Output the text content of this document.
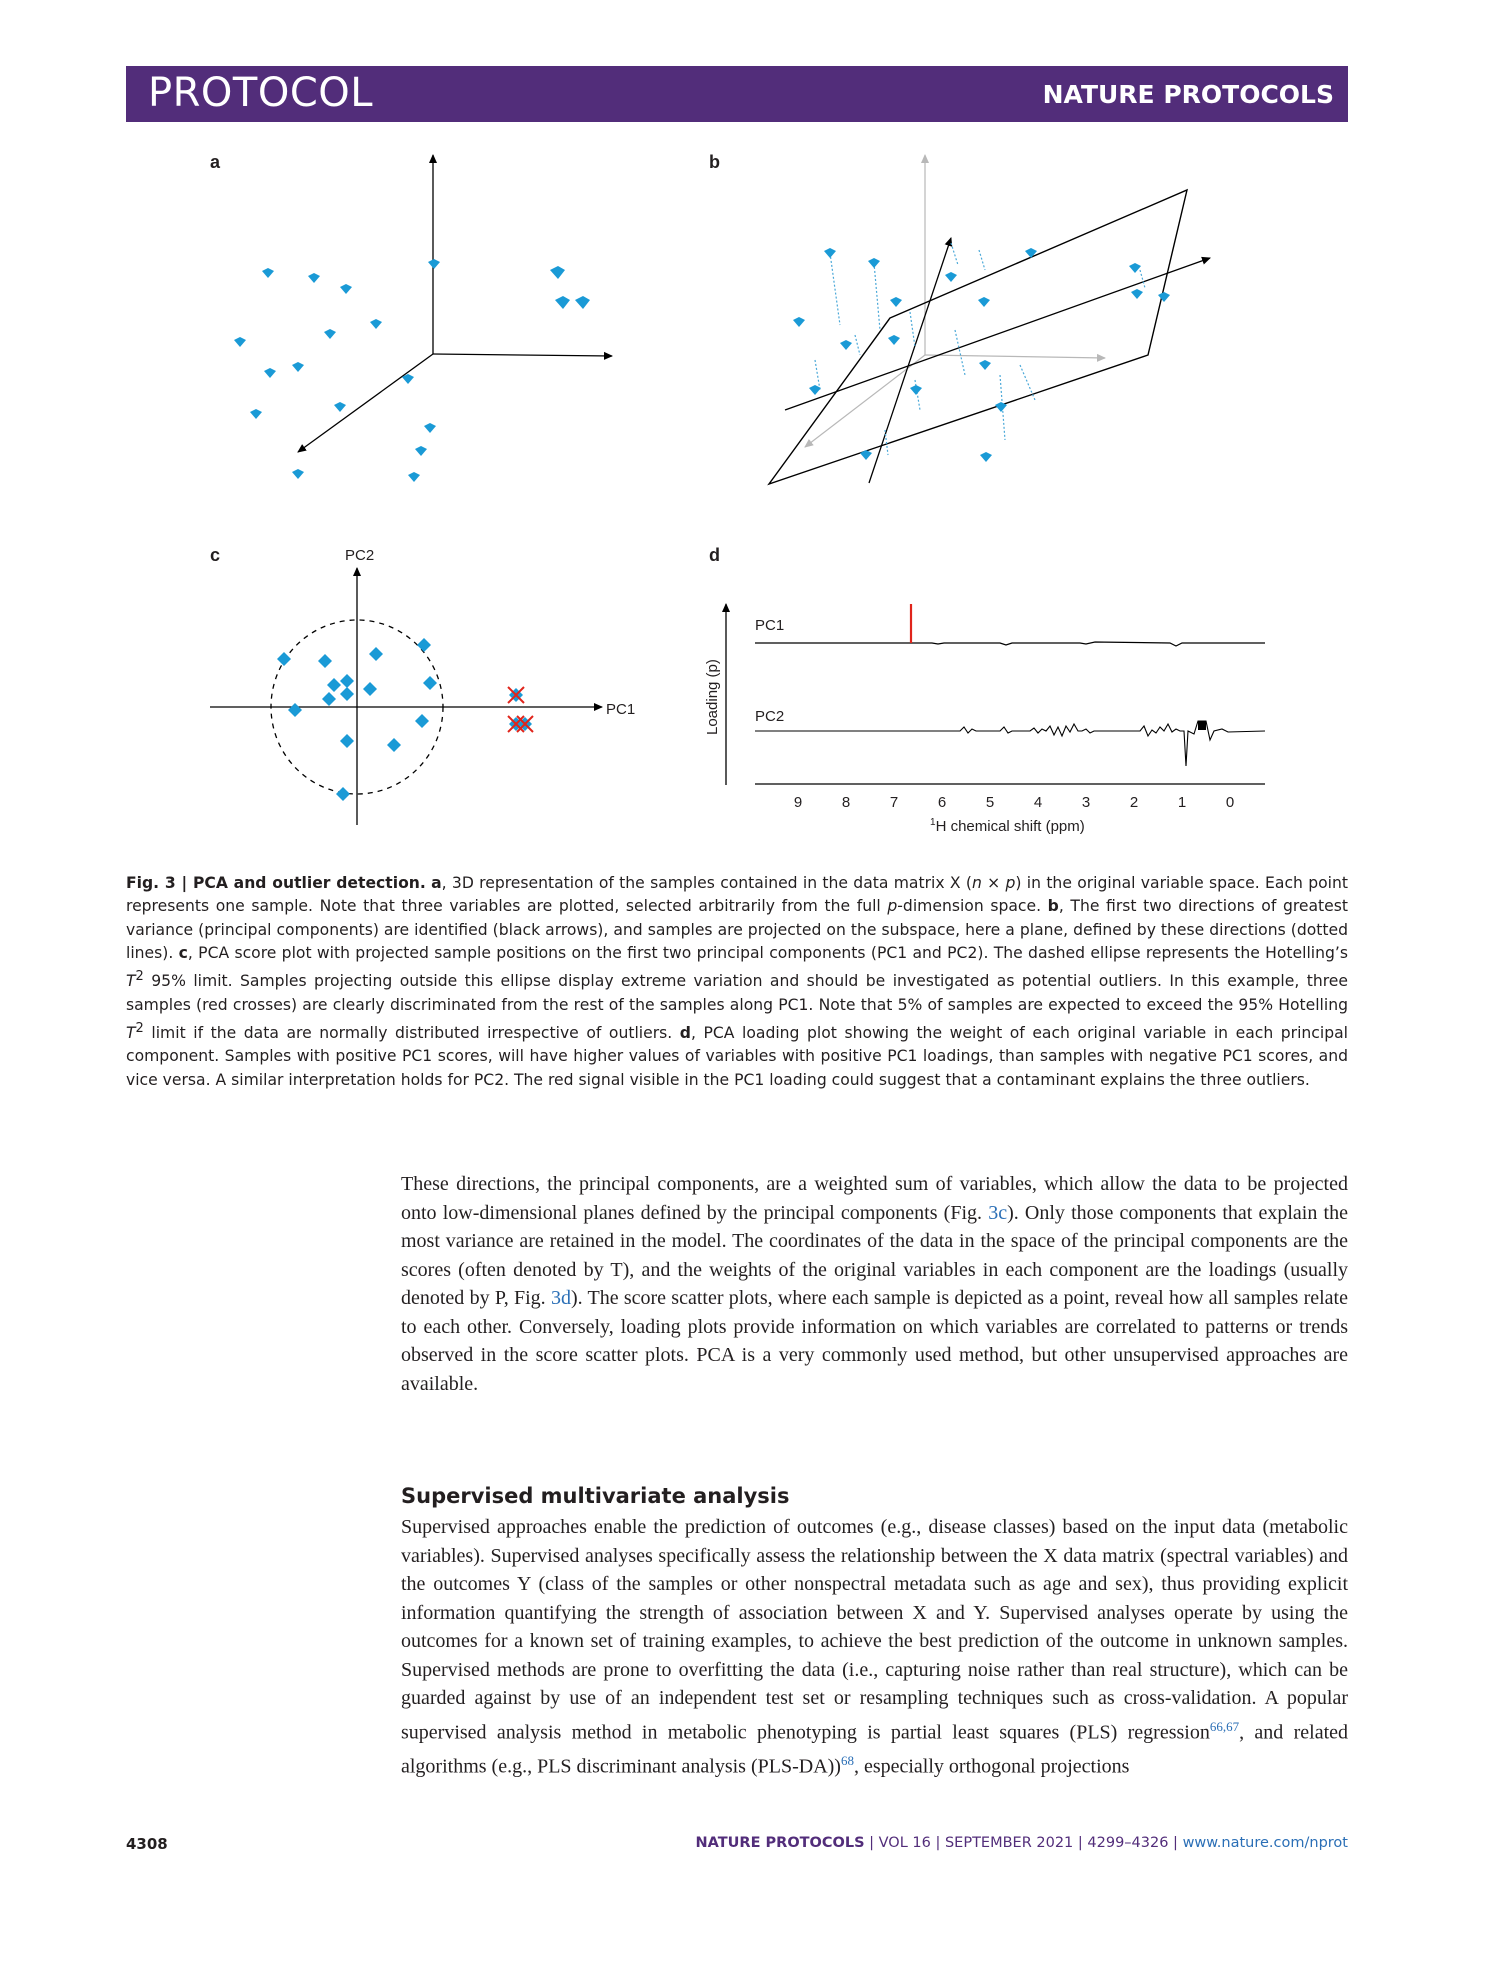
PROTOCOL	NATURE PROTOCOLS
a	b
c	d
PC2
PC1	Loading (p)
PC1
PC2
9	8	7	6	5	4	3	2	1	0
$^1$H chemical shift (ppm)
Fig. 3 | PCA and outlier detection. a, 3D representation of the samples contained in the data matrix X (n × p) in the original variable space. Each point represents one sample. Note that three variables are plotted, selected arbitrarily from the full p-dimension space. b, The first two directions of greatest variance (principal components) are identified (black arrows), and samples are projected on the subspace, here a plane, defined by these directions (dotted lines). c, PCA score plot with projected sample positions on the first two principal components (PC1 and PC2). The dashed ellipse represents the Hotelling’s $T^2$ 95% limit. Samples projecting outside this ellipse display extreme variation and should be investigated as potential outliers. In this example, three samples (red crosses) are clearly discriminated from the rest of the samples along PC1. Note that 5% of samples are expected to exceed the 95% Hotelling $T^2$ limit if the data are normally distributed irrespective of outliers. d, PCA loading plot showing the weight of each original variable in each principal component. Samples with positive PC1 scores, will have higher values of variables with positive PC1 loadings, than samples with negative PC1 scores, and vice versa. A similar interpretation holds for PC2. The red signal visible in the PC1 loading could suggest that a contaminant explains the three outliers.
These directions, the principal components, are a weighted sum of variables, which allow the data to be projected onto low-dimensional planes defined by the principal components (Fig. 3c). Only those components that explain the most variance are retained in the model. The coordinates of the data in the space of the principal components are the scores (often denoted by T), and the weights of the original variables in each component are the loadings (usually denoted by P, Fig. 3d). The score scatter plots, where each sample is depicted as a point, reveal how all samples relate to each other. Conversely, loading plots provide information on which variables are correlated to patterns or trends observed in the score scatter plots. PCA is a very commonly used method, but other unsupervised approaches are available.
Supervised multivariate analysis
Supervised approaches enable the prediction of outcomes (e.g., disease classes) based on the input data (metabolic variables). Supervised analyses specifically assess the relationship between the X data matrix (spectral variables) and the outcomes Y (class of the samples or other nonspectral metadata such as age and sex), thus providing explicit information quantifying the strength of association between X and Y. Supervised analyses operate by using the outcomes for a known set of training examples, to achieve the best prediction of the outcome in unknown samples. Supervised methods are prone to overfitting the data (i.e., capturing noise rather than real structure), which can be guarded against by use of an independent test set or resampling techniques such as cross-validation. A popular supervised analysis method in metabolic phenotyping is partial least squares (PLS) regression$^{66,67}$, and related algorithms (e.g., PLS discriminant analysis (PLS-DA))$^{68}$, especially orthogonal projections
4308	NATURE PROTOCOLS | VOL 16 | SEPTEMBER 2021 | 4299–4326 | www.nature.com/nprot
